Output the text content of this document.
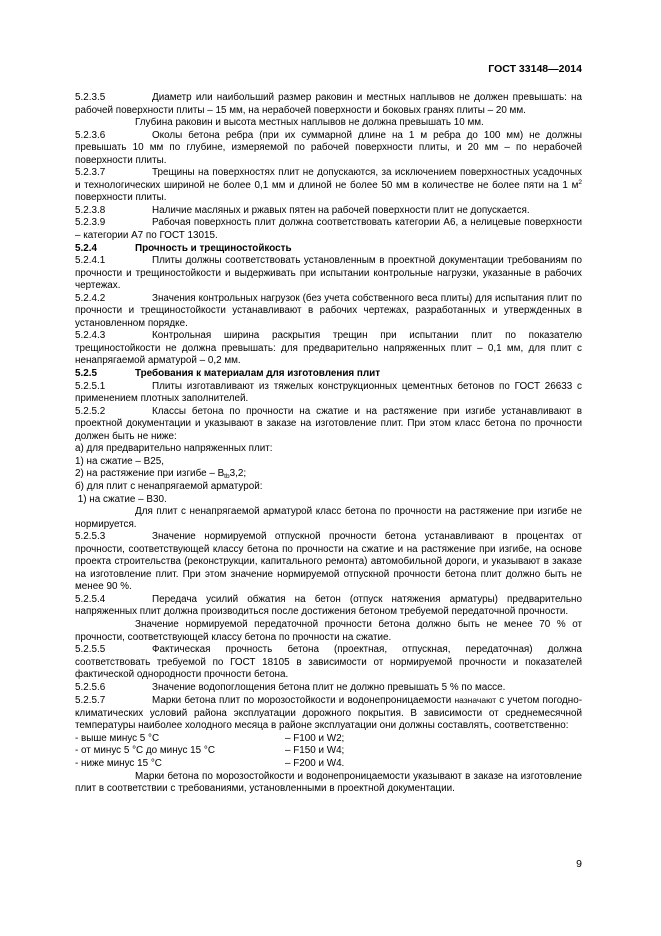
ГОСТ 33148—2014

5.2.3.5	Диаметр или наибольший размер раковин и местных наплывов не должен превышать: на рабочей поверхности плиты – 15 мм, на нерабочей поверхности и боковых гранях плиты – 20 мм.

Глубина раковин и высота местных наплывов не должна превышать 10 мм.

5.2.3.6	Околы бетона ребра (при их суммарной длине на 1 м ребра до 100 мм) не должны превышать 10 мм по глубине, измеряемой по рабочей поверхности плиты, и 20 мм – по нерабочей поверхности плиты.

5.2.3.7	Трещины на поверхностях плит не допускаются, за исключением поверхностных усадочных и технологических шириной не более 0,1 мм и длиной не более 50 мм в количестве не более пяти на 1 $м^2$ поверхности плиты.

5.2.3.8	Наличие масляных и ржавых пятен на рабочей поверхности плит не допускается.

5.2.3.9	Рабочая поверхность плит должна соответствовать категории А6, а нелицевые поверхности – категории А7 по ГОСТ 13015.

5.2.4	Прочность и трещиностойкость

5.2.4.1	Плиты должны соответствовать установленным в проектной документации требованиям по прочности и трещиностойкости и выдерживать при испытании контрольные нагрузки, указанные в рабочих чертежах.

5.2.4.2	Значения контрольных нагрузок (без учета собственного веса плиты) для испытания плит по прочности и трещиностойкости устанавливают в рабочих чертежах, разработанных и утвержденных в установленном порядке.

5.2.4.3	Контрольная ширина раскрытия трещин при испытании плит по показателю трещиностойкости не должна превышать: для предварительно напряженных плит – 0,1 мм, для плит с ненапрягаемой арматурой – 0,2 мм.

5.2.5	Требования к материалам для изготовления плит

5.2.5.1	Плиты изготавливают из тяжелых конструкционных цементных бетонов по ГОСТ 26633 с применением плотных заполнителей.

5.2.5.2	Классы бетона по прочности на сжатие и на растяжение при изгибе устанавливают в проектной документации и указывают в заказе на изготовление плит. При этом класс бетона по прочности должен быть не ниже:

а) для предварительно напряженных плит:

1) на сжатие – В25,

2) на растяжение при изгибе – $В_{tb}3,2$;

б) для плит с ненапрягаемой арматурой:

1) на сжатие – В30.

Для плит с ненапрягаемой арматурой класс бетона по прочности на растяжение при изгибе не нормируется.

5.2.5.3	Значение нормируемой отпускной прочности бетона устанавливают в процентах от прочности, соответствующей классу бетона по прочности на сжатие и на растяжение при изгибе, на основе проекта строительства (реконструкции, капитального ремонта) автомобильной дороги, и указывают в заказе на изготовление плит. При этом значение нормируемой отпускной прочности бетона плит должно быть не менее 90 %.

5.2.5.4	Передача усилий обжатия на бетон (отпуск натяжения арматуры) предварительно напряженных плит должна производиться после достижения бетоном требуемой передаточной прочности.

Значение нормируемой передаточной прочности бетона должно быть не менее 70 % от прочности, соответствующей классу бетона по прочности на сжатие.

5.2.5.5	Фактическая прочность бетона (проектная, отпускная, передаточная) должна соответствовать требуемой по ГОСТ 18105 в зависимости от нормируемой прочности и показателей фактической однородности прочности бетона.

5.2.5.6	Значение водопоглощения бетона плит не должно превышать 5 % по массе.

5.2.5.7	Марки бетона плит по морозостойкости и водонепроницаемости назначают с учетом погодно-климатических условий района эксплуатации дорожного покрытия. В зависимости от среднемесячной температуры наиболее холодного месяца в районе эксплуатации они должны составлять, соответственно:

- выше минус 5 °С	– F100 и W2;
- от минус 5 °С до минус 15 °С	– F150 и W4;
- ниже минус 15 °С	– F200 и W4.

Марки бетона по морозостойкости и водонепроницаемости указывают в заказе на изготовление плит в соответствии с требованиями, установленными в проектной документации.

9
